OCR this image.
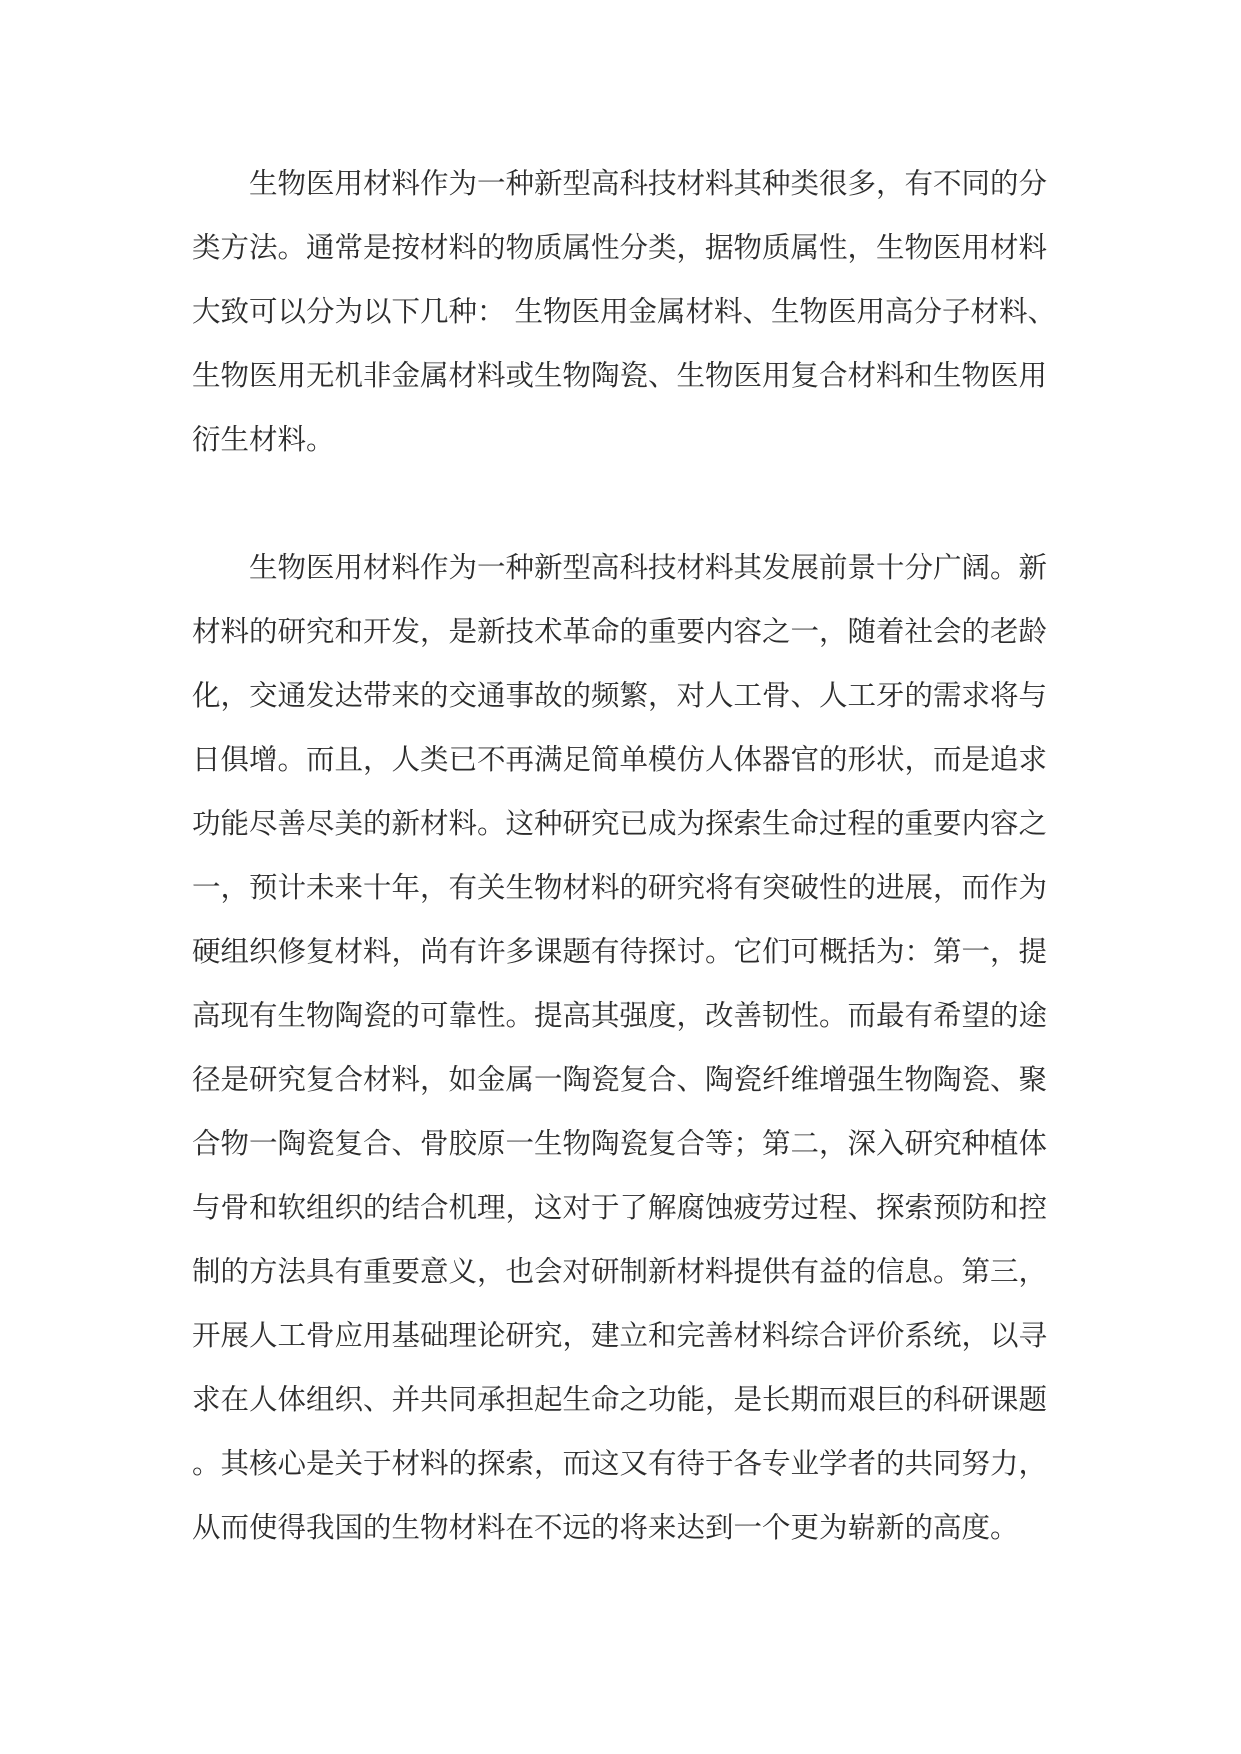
生物医用材料作为一种新型高科技材料其种类很多，有不同的分
类方法。通常是按材料的物质属性分类，据物质属性，生物医用材料
大致可以分为以下几种： 生物医用金属材料、生物医用高分子材料、
生物医用无机非金属材料或生物陶瓷、生物医用复合材料和生物医用
衍生材料。
生物医用材料作为一种新型高科技材料其发展前景十分广阔。新
材料的研究和开发，是新技术革命的重要内容之一，随着社会的老龄
化，交通发达带来的交通事故的频繁，对人工骨、人工牙的需求将与
日俱增。而且，人类已不再满足简单模仿人体器官的形状，而是追求
功能尽善尽美的新材料。这种研究已成为探索生命过程的重要内容之
一，预计未来十年，有关生物材料的研究将有突破性的进展，而作为
硬组织修复材料，尚有许多课题有待探讨。它们可概括为：第一，提
高现有生物陶瓷的可靠性。提高其强度，改善韧性。而最有希望的途
径是研究复合材料，如金属一陶瓷复合、陶瓷纤维增强生物陶瓷、聚
合物一陶瓷复合、骨胶原一生物陶瓷复合等；第二，深入研究种植体
与骨和软组织的结合机理，这对于了解腐蚀疲劳过程、探索预防和控
制的方法具有重要意义，也会对研制新材料提供有益的信息。第三，
开展人工骨应用基础理论研究，建立和完善材料综合评价系统，以寻
求在人体组织、并共同承担起生命之功能，是长期而艰巨的科研课题
。其核心是关于材料的探索，而这又有待于各专业学者的共同努力，
从而使得我国的生物材料在不远的将来达到一个更为崭新的高度。
